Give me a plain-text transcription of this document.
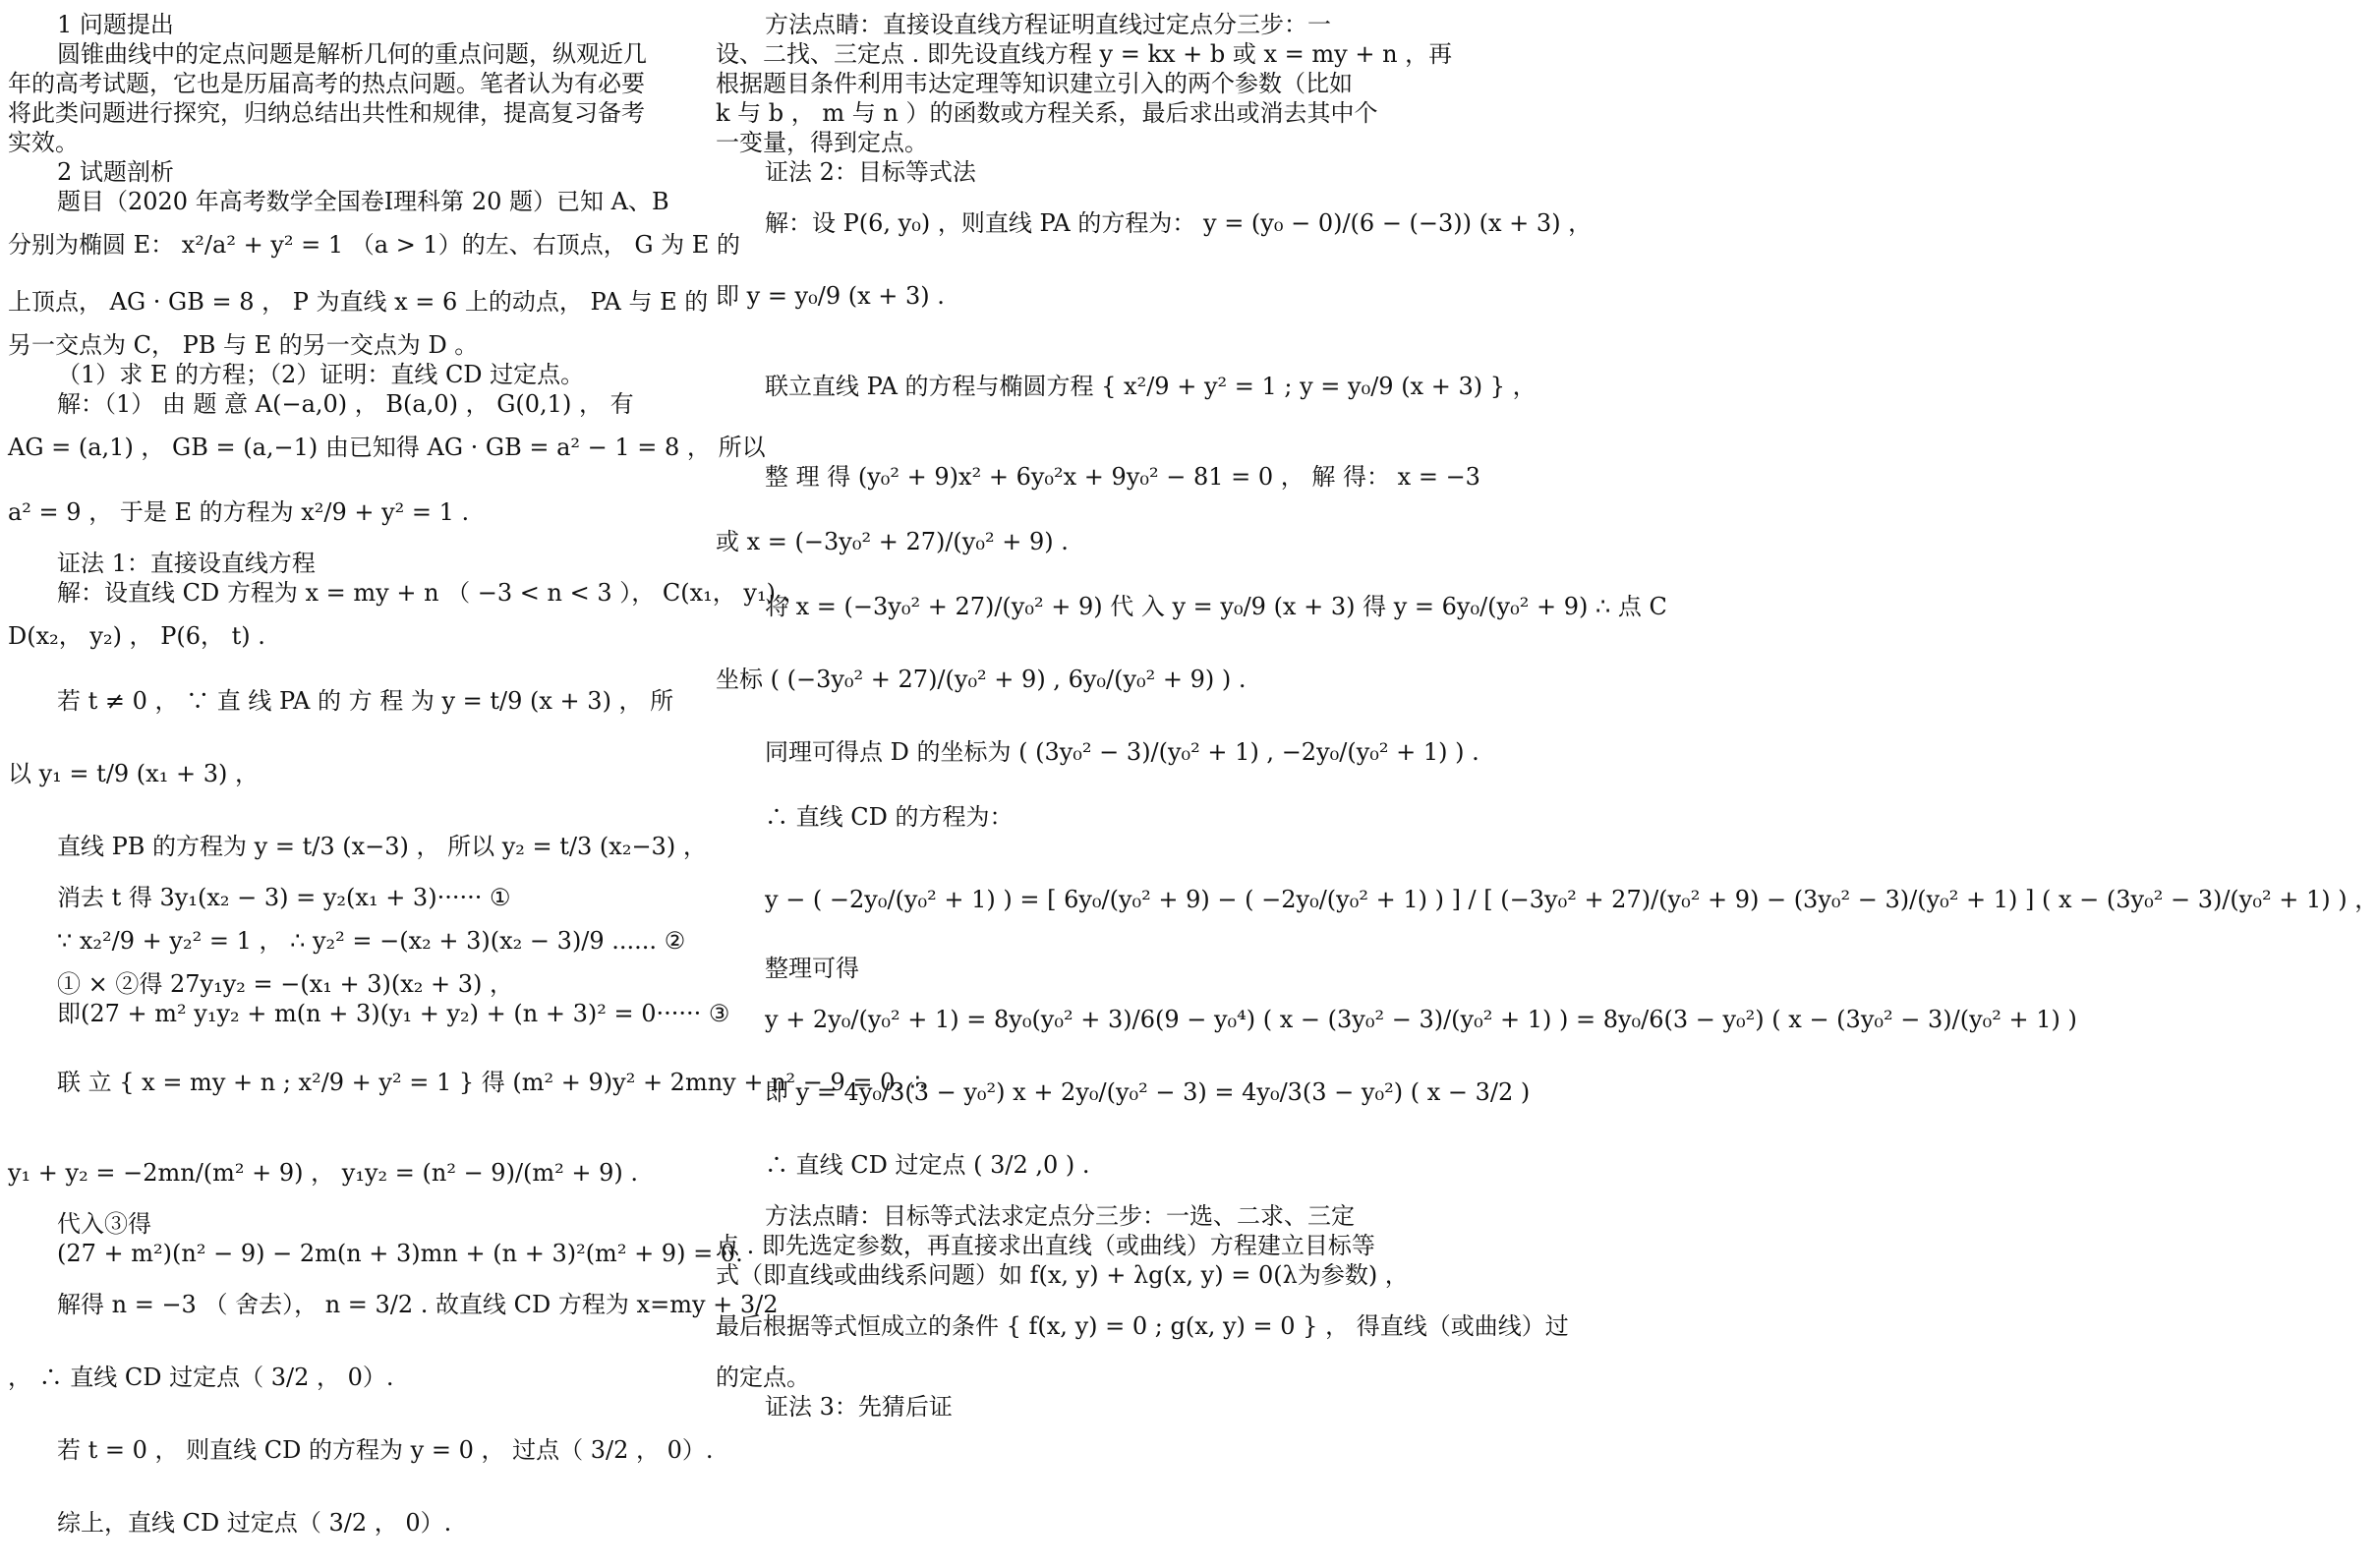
1 问题提出

圆锥曲线中的定点问题是解析几何的重点问题，纵观近几

年的高考试题，它也是历届高考的热点问题。笔者认为有必要

将此类问题进行探究，归纳总结出共性和规律，提高复习备考

实效。

2 试题剖析

题目（2020 年高考数学全国卷Ⅰ理科第 20 题）已知 A、B

分别为椭圆 E： x²/a² + y² = 1 （a > 1）的左、右顶点， G 为 E 的

上顶点， AG · GB = 8 ， P 为直线 x = 6 上的动点， PA 与 E 的

另一交点为 C， PB 与 E 的另一交点为 D 。

（1）求 E 的方程；（2）证明：直线 CD 过定点。

解：（1） 由 题 意 A(−a,0) ， B(a,0) ， G(0,1) ， 有

AG = (a,1) ， GB = (a,−1) 由已知得 AG · GB = a² − 1 = 8 ， 所以

a² = 9 ， 于是 E 的方程为 x²/9 + y² = 1 .

证法 1：直接设直线方程

解：设直线 CD 方程为 x = my + n （ −3 < n < 3 ）， C(x₁， y₁) ，

D(x₂， y₂) ， P(6， t) .

若 t ≠ 0 ， ∵ 直 线 PA 的 方 程 为 y = t/9 (x + 3) ， 所

以 y₁ = t/9 (x₁ + 3) ，

直线 PB 的方程为 y = t/3 (x−3) ， 所以 y₂ = t/3 (x₂−3) ，

消去 t 得 3y₁(x₂ − 3) = y₂(x₁ + 3)······ ①

∵ x₂²/9 + y₂² = 1 ， ∴ y₂² = −(x₂ + 3)(x₂ − 3)/9 ...... ②

① × ②得 27y₁y₂ = −(x₁ + 3)(x₂ + 3) ，

即(27 + m² y₁y₂ + m(n + 3)(y₁ + y₂) + (n + 3)² = 0······ ③

联 立 { x = my + n ; x²/9 + y² = 1 } 得 (m² + 9)y² + 2mny + n² − 9 = 0. ∴

y₁ + y₂ = −2mn/(m² + 9) ， y₁y₂ = (n² − 9)/(m² + 9) .

代入③得

(27 + m²)(n² − 9) − 2m(n + 3)mn + (n + 3)²(m² + 9) = 0.

解得 n = −3 （ 舍去）， n = 3/2 . 故直线 CD 方程为 x=my + 3/2

， ∴ 直线 CD 过定点（ 3/2 ， 0）.

若 t = 0 ， 则直线 CD 的方程为 y = 0 ， 过点（ 3/2 ， 0）.

综上，直线 CD 过定点（ 3/2 ， 0）.

方法点睛：直接设直线方程证明直线过定点分三步：一

设、二找、三定点 . 即先设直线方程 y = kx + b 或 x = my + n ，再

根据题目条件利用韦达定理等知识建立引入的两个参数（比如

k 与 b ， m 与 n ）的函数或方程关系，最后求出或消去其中个

一变量，得到定点。

证法 2：目标等式法

解：设 P(6, y₀) ，则直线 PA 的方程为： y = (y₀ − 0)/(6 − (−3)) (x + 3) ，

即 y = y₀/9 (x + 3) .

联立直线 PA 的方程与椭圆方程 { x²/9 + y² = 1 ; y = y₀/9 (x + 3) } ，

整 理 得 (y₀² + 9)x² + 6y₀²x + 9y₀² − 81 = 0 ， 解 得： x = −3

或 x = (−3y₀² + 27)/(y₀² + 9) .

将 x = (−3y₀² + 27)/(y₀² + 9) 代 入 y = y₀/9 (x + 3) 得 y = 6y₀/(y₀² + 9) ∴ 点 C

坐标 ( (−3y₀² + 27)/(y₀² + 9) , 6y₀/(y₀² + 9) ) .

同理可得点 D 的坐标为 ( (3y₀² − 3)/(y₀² + 1) , −2y₀/(y₀² + 1) ) .

∴ 直线 CD 的方程为：

y − ( −2y₀/(y₀² + 1) ) = [ 6y₀/(y₀² + 9) − ( −2y₀/(y₀² + 1) ) ] / [ (−3y₀² + 27)/(y₀² + 9) − (3y₀² − 3)/(y₀² + 1) ] ( x − (3y₀² − 3)/(y₀² + 1) ) ，

整理可得

y + 2y₀/(y₀² + 1) = 8y₀(y₀² + 3)/6(9 − y₀⁴) ( x − (3y₀² − 3)/(y₀² + 1) ) = 8y₀/6(3 − y₀²) ( x − (3y₀² − 3)/(y₀² + 1) )

即 y = 4y₀/3(3 − y₀²) x + 2y₀/(y₀² − 3) = 4y₀/3(3 − y₀²) ( x − 3/2 )

∴ 直线 CD 过定点 ( 3/2 ,0 ) .

方法点睛：目标等式法求定点分三步：一选、二求、三定

点 . 即先选定参数，再直接求出直线（或曲线）方程建立目标等

式（即直线或曲线系问题）如 f(x, y) + λg(x, y) = 0(λ为参数) ，

最后根据等式恒成立的条件 { f(x, y) = 0 ; g(x, y) = 0 } ， 得直线（或曲线）过

的定点。

证法 3：先猜后证
